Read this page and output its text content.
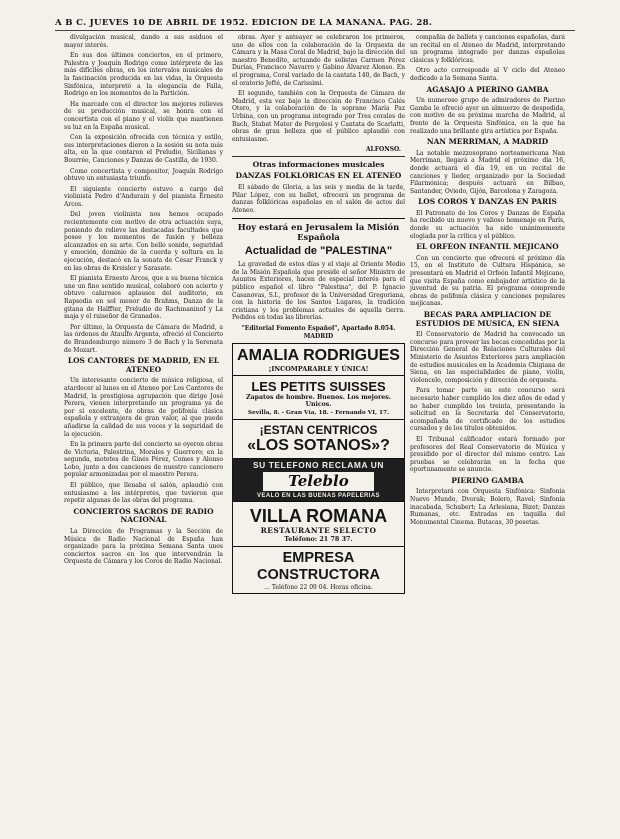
A B C. JUEVES 10 DE ABRIL DE 1952. EDICION DE LA MAÑANA. PAG. 28.

divulgación musical, dando a sus asiduos el mayor interés.

En sus dos últimos conciertos, en el primero, Palestra y Joaquín Rodrigo como intérprete de las más difíciles obras, en los intervalos musicales de la fascinación producida en las vidas, la Orquesta Sinfónica, interpretó a la elegancia de Falla, Rodrigo en los momentos de la Partición.

Ha marcado con el director los mejores relieves de su producción musical, se honra con el concertista con el piano y el violín que mantienen su luz en la España musical.

Con la exposición ofrecida con técnica y estilo, sus interpretaciones dieron a la sesión su nota más alta, en la que contaron el Preludio, Sicilianas y Bourrée, Canciones y Danzas de Castilla, de 1930.

Como concertista y compositor, Joaquín Rodrigo obtuvo un entusiasta triunfo.

El siguiente concierto estuvo a cargo del violinista Pedro d'Andurain y del pianista Ernesto Arcos.

Del joven violinista nos hemos ocupado recientemente con motivo de otra actuación suya, poniendo de relieve las destacadas facultades que posee y los momentos de fusión y belleza alcanzados en su arte. Con bello sonido, seguridad y emoción, dominio de la cuerda y soltura en la ejecución, destacó en la sonata de César Franck y en las obras de Kreisler y Sarasate.

El pianista Ernesto Arcos, que a su buena técnica une un fino sentido musical, colaboró con acierto y obtuvo calurosos aplausos del auditorio, en Rapsodia en sol menor de Brahms, Danza de la gitana de Halffter, Preludio de Rachmaninof y La maja y el ruiseñor de Granados.

Por último, la Orquesta de Cámara de Madrid, a las órdenes de Ataulfo Argenta, ofreció el Concierto de Brandemburgo número 3 de Bach y la Serenata de Mozart.

LOS CANTORES DE MADRID, EN EL ATENEO

Un interesante concierto de música religiosa, el atardecer al lunes en el Ateneo por Los Cantores de Madrid, la prestigiosa agrupación que dirige José Perera, vienen interpretando un programa ya de por sí excelente, de obras de polifonía clásica española y extranjera de gran valor, al que puede añadirse la calidad de sus voces y la seguridad de la ejecución.

En la primera parte del concierto se oyeron obras de Victoria, Palestrina, Morales y Guerrero; en la segunda, motetes de Ginés Pérez, Comes y Alonso Lobo, junto a dos canciones de nuestro cancionero popular armonizadas por el maestro Perera.

El público, que llenaba el salón, aplaudió con entusiasmo a los intérpretes, que tuvieron que repetir algunas de las obras del programa.

CONCIERTOS SACROS DE RADIO NACIONAL

La Dirección de Programas y la Sección de Música de Radio Nacional de España han organizado para la próxima Semana Santa unos conciertos sacros en los que intervendrán la Orquesta de Cámara y los Coros de Radio Nacional.

obras. Ayer y anteayer se celebraron los primeros, uno de ellos con la colaboración de la Orquesta de Cámara y la Masa Coral de Madrid, bajo la dirección del maestro Benedito, actuando de solistas Carmen Pérez Durías, Francisco Navarro y Gabino Álvarez Alonso. En el programa, Coral variado de la cantata 140, de Bach, y el oratorio Jefté, de Carissimi.

El segundo, también con la Orquesta de Cámara de Madrid, esta vez bajo la dirección de Francisco Calés Otero, y la colaboración de la soprano María Paz Urbina, con un programa integrado por Tres corales de Bach, Stabat Mater de Pergolesi y Cantata de Scarlatti, obras de gran belleza que el público aplaudió con entusiasmo.

ALFONSO.
Otras informaciones musicales
DANZAS FOLKLORICAS EN EL ATENEO

El sábado de Gloria, a las seis y media de la tarde, Pilar López, con su ballet, ofrecerá un programa de danzas folklóricas españolas en el salón de actos del Ateneo.

Hoy estará en Jerusalem la Misión Española
Actualidad de "PALESTINA"

La gravedad de estos días y el viaje al Oriente Medio de la Misión Española que preside el señor Ministro de Asuntos Exteriores, hacen de especial interés para el público español el libro "Palestina", del P. Ignacio Casanovas, S.I., profesor de la Universidad Gregoriana, con la historia de los Santos Lugares, la tradición cristiana y los problemas actuales de aquella tierra. Pedidos en todas las librerías.

"Editorial Fomento Español", Apartado 8.054. MADRID
AMALIA RODRIGUES
¡INCOMPARABLE Y ÚNICA!
LES PETITS SUISSES
Zapatos de hombre. Buenos. Los mejores. Unicos.
Sevilla, 8. - Gran Vía, 18. - Fernando VI, 17.
¡ESTAN CENTRICOS
«LOS SOTANOS»?
SU TELEFONO RECLAMA UN
Teleblo
VEALO EN LAS BUENAS PAPELERIAS
VILLA ROMANA
RESTAURANTE SELECTO
Teléfono: 21 78 37.
EMPRESA CONSTRUCTORA
... Teléfono 22 09 04. Horas oficina.

compañía de ballets y canciones españolas, dará un recital en el Ateneo de Madrid, interpretando un programa integrado por danzas españolas clásicas y folklóricas.

Otro acto corresponde al V ciclo del Ateneo dedicado a la Semana Santa.

AGASAJO A PIERINO GAMBA

Un numeroso grupo de admiradores de Pierino Gamba le ofreció ayer un almuerzo de despedida, con motivo de su próxima marcha de Madrid, al frente de la Orquesta Sinfónica, en la que ha realizado una brillante gira artística por España.

NAN MERRIMAN, A MADRID

La notable mezzosoprano norteamericana Nan Merriman, llegará a Madrid el próximo día 16, donde actuará el día 19, en un recital de canciones y lieder, organizado por la Sociedad Filarmónica; después actuará en Bilbao, Santander, Oviedo, Gijón, Barcelona y Zaragoza.

LOS COROS Y DANZAS EN PARIS

El Patronato de los Coros y Danzas de España ha recibido un nuevo y valioso homenaje en París, donde su actuación ha sido unánimemente elogiada por la crítica y el público.

EL ORFEON INFANTIL MEJICANO

Con un concierto que ofrecerá el próximo día 15, en el Instituto de Cultura Hispánica, se presentará en Madrid el Orfeón Infantil Mejicano, que visita España como embajador artístico de la juventud de su patria. El programa comprende obras de polifonía clásica y canciones populares mejicanas.

BECAS PARA AMPLIACION DE ESTUDIOS DE MUSICA, EN SIENA

El Conservatorio de Madrid ha convocado un concurso para proveer las becas concedidas por la Dirección General de Relaciones Culturales del Ministerio de Asuntos Exteriores para ampliación de estudios musicales en la Academia Chigiana de Siena, en las especialidades de piano, violín, violoncelo, composición y dirección de orquesta.

Para tomar parte en este concurso será necesario haber cumplido los diez años de edad y no haber cumplido los treinta, presentando la solicitud en la Secretaría del Conservatorio, acompañada de certificado de los estudios cursados y de los títulos obtenidos.

El Tribunal calificador estará formado por profesores del Real Conservatorio de Música y presidido por el director del mismo centro. Las pruebas se celebrarán en la fecha que oportunamente se anuncie.

PIERINO GAMBA

Interpretará con Orquesta Sinfónica: Sinfonía Nuevo Mundo, Dvorak; Bolero, Ravel; Sinfonía inacabada, Schubert; La Arlesiana, Bizet; Danzas Rumanas, etc. Entradas en taquilla del Monumental Cinema. Butacas, 30 pesetas.
